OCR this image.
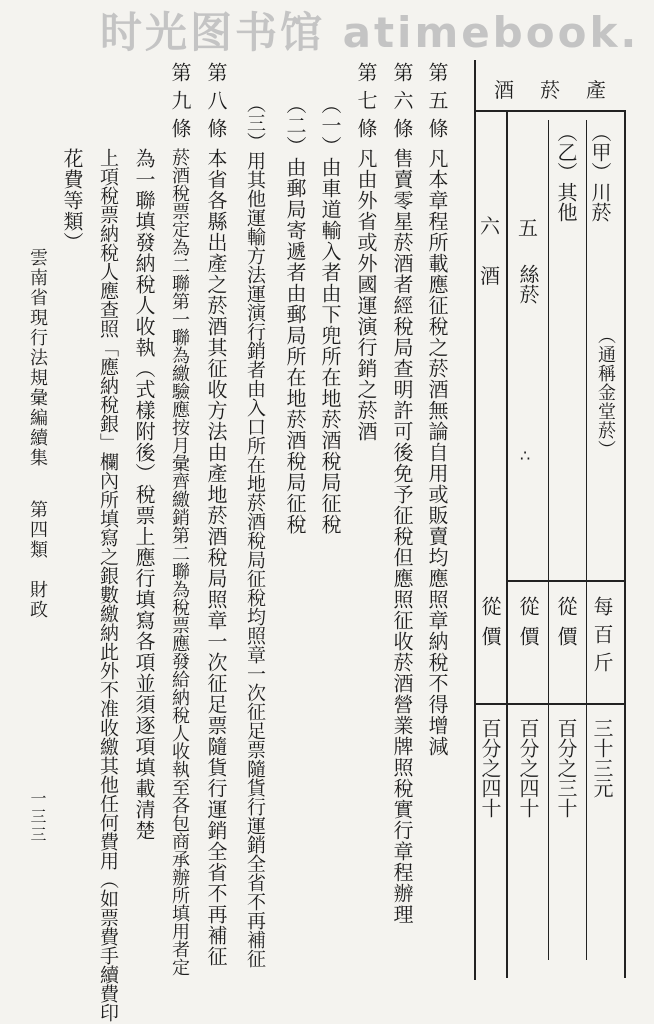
时光图书馆 atimebook.
酒 菸 產
（甲）川菸
（通稱金堂菸）
每百斤
三十三元
（乙）其他
從價
百分之三十
五
絲菸
∴
從價
百分之四十
六
酒
從價
百分之四十
第五條
凡本章程所載應征稅之菸酒無論自用或販賣均應照章納稅不得增減
第六條
售賣零星菸酒者經稅局查明許可後免予征稅但應照征收菸酒營業牌照稅實行章程辦理
第七條
凡由外省或外國運演行銷之菸酒
（一）由車道輸入者由下兜所在地菸酒稅局征稅
（二）由郵局寄遞者由郵局所在地菸酒稅局征稅
（三）用其他運輸方法運演行銷者由入口所在地菸酒稅局征稅均照章一次征足票隨貨行運銷全省不再補征
第八條
本省各縣出產之菸酒其征收方法由產地菸酒稅局照章一次征足票隨貨行運銷全省不再補征
第九條
菸酒稅票定為二聯第一聯為繳驗應按月彙齊繳銷第二聯為稅票應發給納稅人收執至各包商承辦所填用者定
為一聯填發納稅人收執（式樣附後）稅票上應行填寫各項並須逐項填載清楚
上項稅票納稅人應查照「應納稅銀」欄內所填寫之銀數繳納此外不准收繳其他任何費用（如票費手續費印
花費等類）
雲南省現行法規彙編續集
第四類　財政
一三三
